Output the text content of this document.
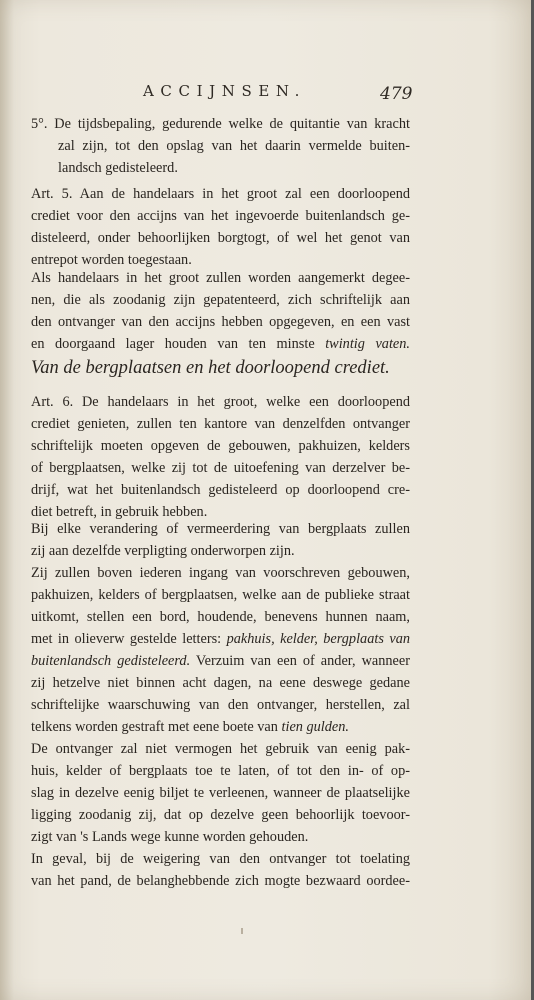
ACCIJNSEN.	479
5°. De tijdsbepaling, gedurende welke de quitantie van kracht
zal zijn, tot den opslag van het daarin vermelde buiten-
landsch gedisteleerd.
Art. 5. Aan de handelaars in het groot zal een doorloopend
crediet voor den accijns van het ingevoerde buitenlandsch ge-
disteleerd, onder behoorlijken borgtogt, of wel het genot van
entrepot worden toegestaan.
Als handelaars in het groot zullen worden aangemerkt degee-
nen, die als zoodanig zijn gepatenteerd, zich schriftelijk aan
den ontvanger van den accijns hebben opgegeven, en een vast
en doorgaand lager houden van ten minste twintig vaten.
Van de bergplaatsen en het doorloopend crediet.
Art. 6. De handelaars in het groot, welke een doorloopend
crediet genieten, zullen ten kantore van denzelfden ontvanger
schriftelijk moeten opgeven de gebouwen, pakhuizen, kelders
of bergplaatsen, welke zij tot de uitoefening van derzelver be-
drijf, wat het buitenlandsch gedisteleerd op doorloopend cre-
diet betreft, in gebruik hebben.
Bij elke verandering of vermeerdering van bergplaats zullen
zij aan dezelfde verpligting onderworpen zijn.
Zij zullen boven iederen ingang van voorschreven gebouwen,
pakhuizen, kelders of bergplaatsen, welke aan de publieke straat
uitkomt, stellen een bord, houdende, benevens hunnen naam,
met in olieverw gestelde letters: pakhuis, kelder, bergplaats van
buitenlandsch gedisteleerd. Verzuim van een of ander, wanneer
zij hetzelve niet binnen acht dagen, na eene deswege gedane
schriftelijke waarschuwing van den ontvanger, herstellen, zal
telkens worden gestraft met eene boete van tien gulden.
De ontvanger zal niet vermogen het gebruik van eenig pak-
huis, kelder of bergplaats toe te laten, of tot den in- of op-
slag in dezelve eenig biljet te verleenen, wanneer de plaatselijke
ligging zoodanig zij, dat op dezelve geen behoorlijk toevoor-
zigt van 's Lands wege kunne worden gehouden.
In geval, bij de weigering van den ontvanger tot toelating
van het pand, de belanghebbende zich mogte bezwaard oordee-
